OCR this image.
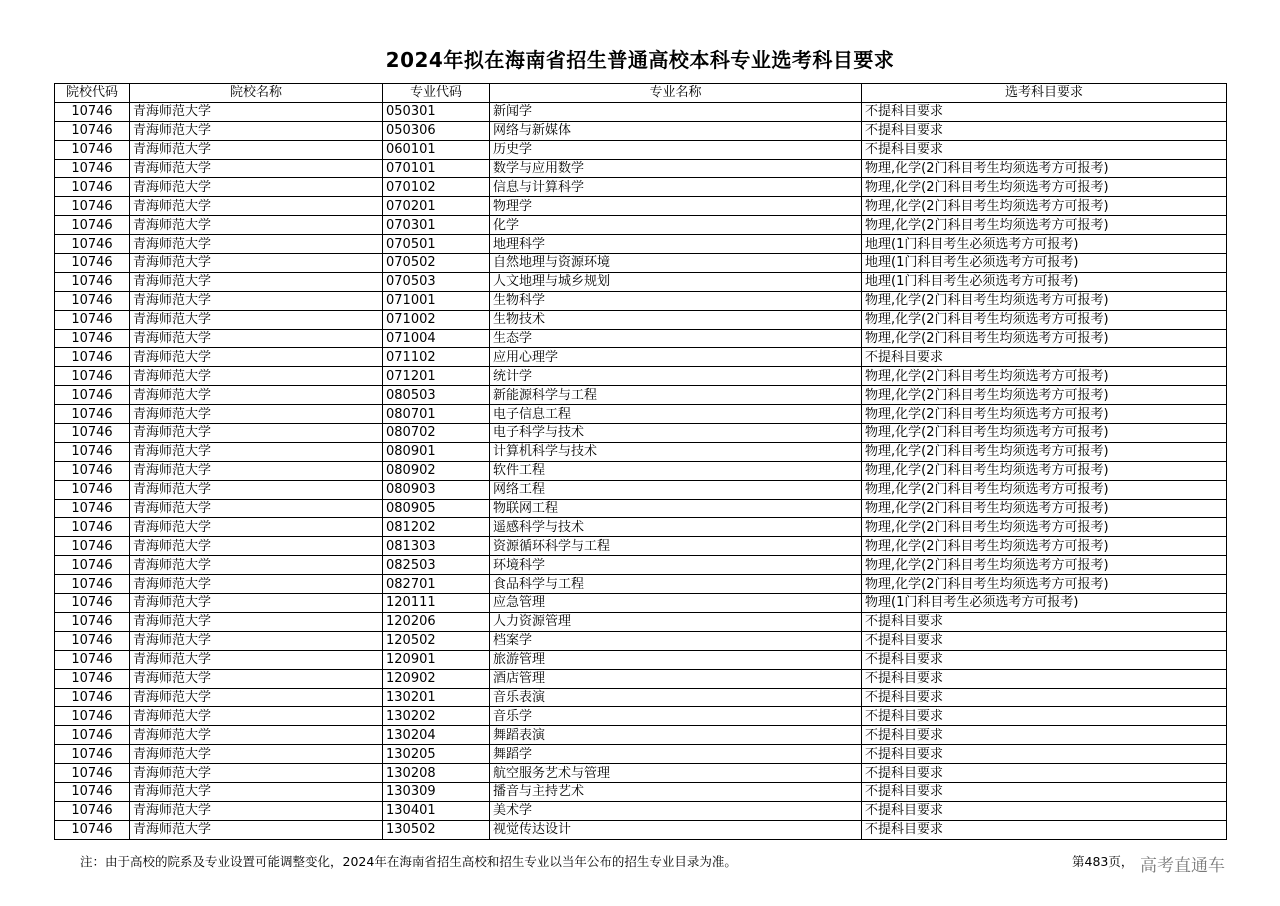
2024年拟在海南省招生普通高校本科专业选考科目要求
院校代码	院校名称	专业代码	专业名称	选考科目要求
10746	青海师范大学	050301	新闻学	不提科目要求
10746	青海师范大学	050306	网络与新媒体	不提科目要求
10746	青海师范大学	060101	历史学	不提科目要求
10746	青海师范大学	070101	数学与应用数学	物理,化学(2门科目考生均须选考方可报考)
10746	青海师范大学	070102	信息与计算科学	物理,化学(2门科目考生均须选考方可报考)
10746	青海师范大学	070201	物理学	物理,化学(2门科目考生均须选考方可报考)
10746	青海师范大学	070301	化学	物理,化学(2门科目考生均须选考方可报考)
10746	青海师范大学	070501	地理科学	地理(1门科目考生必须选考方可报考)
10746	青海师范大学	070502	自然地理与资源环境	地理(1门科目考生必须选考方可报考)
10746	青海师范大学	070503	人文地理与城乡规划	地理(1门科目考生必须选考方可报考)
10746	青海师范大学	071001	生物科学	物理,化学(2门科目考生均须选考方可报考)
10746	青海师范大学	071002	生物技术	物理,化学(2门科目考生均须选考方可报考)
10746	青海师范大学	071004	生态学	物理,化学(2门科目考生均须选考方可报考)
10746	青海师范大学	071102	应用心理学	不提科目要求
10746	青海师范大学	071201	统计学	物理,化学(2门科目考生均须选考方可报考)
10746	青海师范大学	080503	新能源科学与工程	物理,化学(2门科目考生均须选考方可报考)
10746	青海师范大学	080701	电子信息工程	物理,化学(2门科目考生均须选考方可报考)
10746	青海师范大学	080702	电子科学与技术	物理,化学(2门科目考生均须选考方可报考)
10746	青海师范大学	080901	计算机科学与技术	物理,化学(2门科目考生均须选考方可报考)
10746	青海师范大学	080902	软件工程	物理,化学(2门科目考生均须选考方可报考)
10746	青海师范大学	080903	网络工程	物理,化学(2门科目考生均须选考方可报考)
10746	青海师范大学	080905	物联网工程	物理,化学(2门科目考生均须选考方可报考)
10746	青海师范大学	081202	遥感科学与技术	物理,化学(2门科目考生均须选考方可报考)
10746	青海师范大学	081303	资源循环科学与工程	物理,化学(2门科目考生均须选考方可报考)
10746	青海师范大学	082503	环境科学	物理,化学(2门科目考生均须选考方可报考)
10746	青海师范大学	082701	食品科学与工程	物理,化学(2门科目考生均须选考方可报考)
10746	青海师范大学	120111	应急管理	物理(1门科目考生必须选考方可报考)
10746	青海师范大学	120206	人力资源管理	不提科目要求
10746	青海师范大学	120502	档案学	不提科目要求
10746	青海师范大学	120901	旅游管理	不提科目要求
10746	青海师范大学	120902	酒店管理	不提科目要求
10746	青海师范大学	130201	音乐表演	不提科目要求
10746	青海师范大学	130202	音乐学	不提科目要求
10746	青海师范大学	130204	舞蹈表演	不提科目要求
10746	青海师范大学	130205	舞蹈学	不提科目要求
10746	青海师范大学	130208	航空服务艺术与管理	不提科目要求
10746	青海师范大学	130309	播音与主持艺术	不提科目要求
10746	青海师范大学	130401	美术学	不提科目要求
10746	青海师范大学	130502	视觉传达设计	不提科目要求
注：由于高校的院系及专业设置可能调整变化，2024年在海南省招生高校和招生专业以当年公布的招生专业目录为准。	第483页， 高考直通车
